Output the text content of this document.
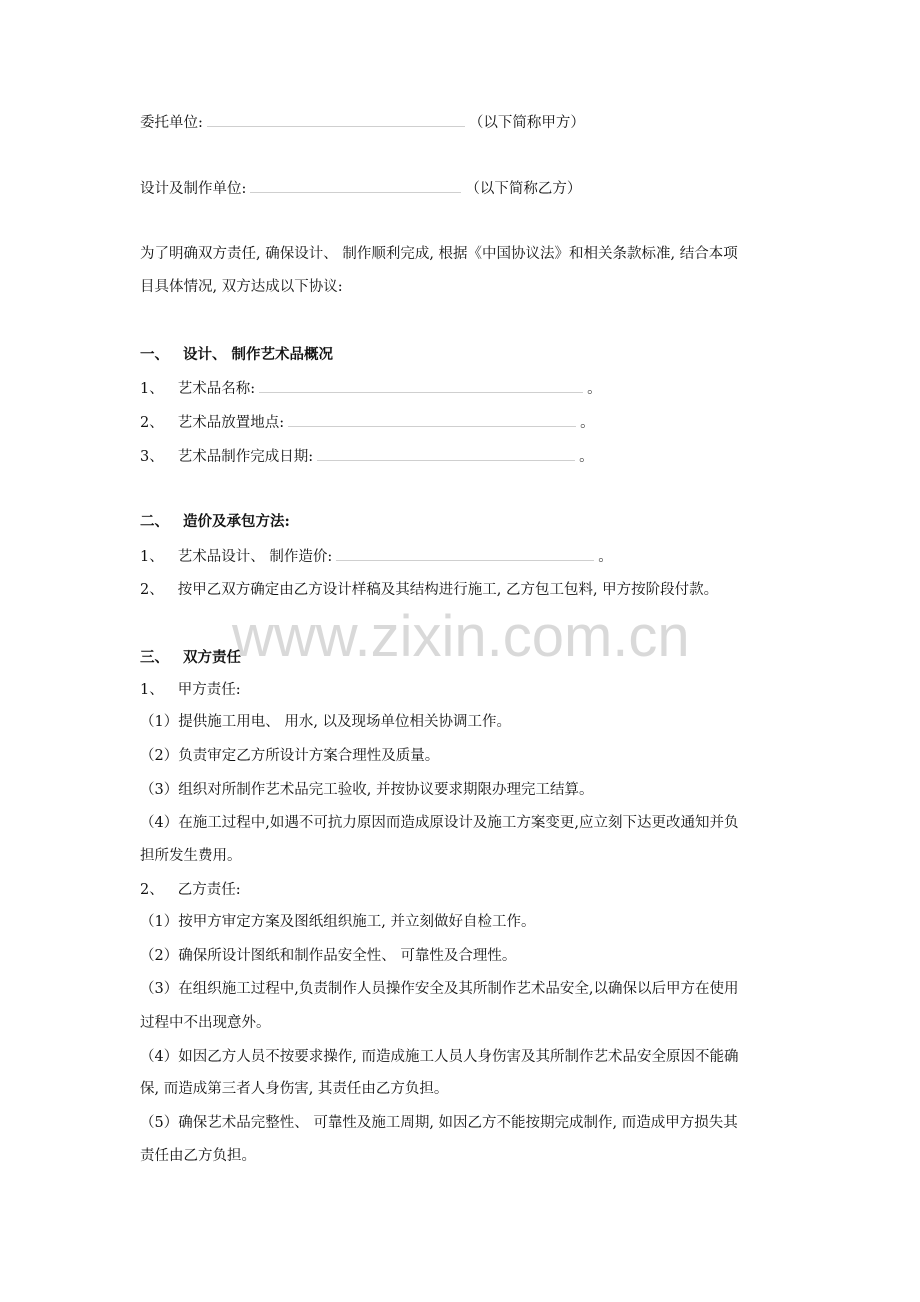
www.zixin.com.cn
委托单位:	（以下简称甲方）
设计及制作单位:	（以下简称乙方）
为了明确双方责任, 确保设计、 制作顺利完成, 根据《中国协议法》和相关条款标准, 结合本项
目具体情况, 双方达成以下协议:
一、 设计、 制作艺术品概况
1、 艺术品名称:	。
2、 艺术品放置地点:	。
3、 艺术品制作完成日期:	。
二、 造价及承包方法:
1、 艺术品设计、 制作造价:	。
2、 按甲乙双方确定由乙方设计样稿及其结构进行施工, 乙方包工包料, 甲方按阶段付款。
三、 双方责任
1、 甲方责任:
（1）提供施工用电、 用水, 以及现场单位相关协调工作。
（2）负责审定乙方所设计方案合理性及质量。
（3）组织对所制作艺术品完工验收, 并按协议要求期限办理完工结算。
（4）在施工过程中,如遇不可抗力原因而造成原设计及施工方案变更,应立刻下达更改通知并负
担所发生费用。
2、 乙方责任:
（1）按甲方审定方案及图纸组织施工, 并立刻做好自检工作。
（2）确保所设计图纸和制作品安全性、 可靠性及合理性。
（3）在组织施工过程中,负责制作人员操作安全及其所制作艺术品安全,以确保以后甲方在使用
过程中不出现意外。
（4）如因乙方人员不按要求操作, 而造成施工人员人身伤害及其所制作艺术品安全原因不能确
保, 而造成第三者人身伤害, 其责任由乙方负担。
（5）确保艺术品完整性、 可靠性及施工周期, 如因乙方不能按期完成制作, 而造成甲方损失其
责任由乙方负担。
